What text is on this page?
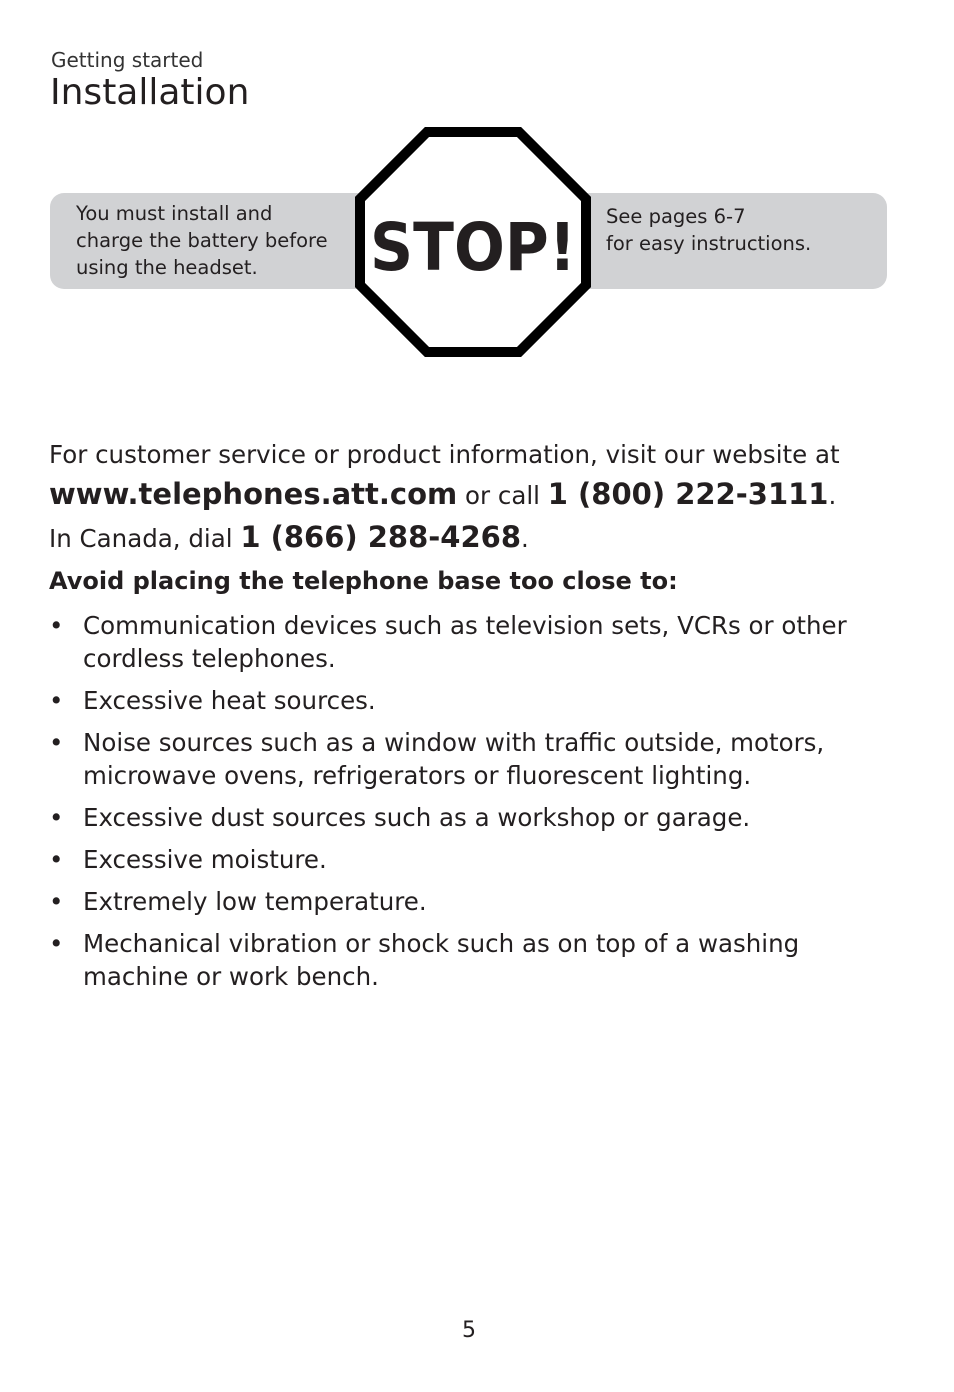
Getting started
Installation
You must install and
charge the battery before
using the headset.	STOP! See pages 6-7
for easy instructions.

For customer service or product information, visit our website at

www.telephones.att.com or call 1 (800) 222-3111.

In Canada, dial 1 (866) 288-4268.

Avoid placing the telephone base too close to:

• Communication devices such as television sets, VCRs or other
cordless telephones.
• Excessive heat sources.
• Noise sources such as a window with traffic outside, motors,
microwave ovens, refrigerators or fluorescent lighting.
• Excessive dust sources such as a workshop or garage.
• Excessive moisture.
• Extremely low temperature.
• Mechanical vibration or shock such as on top of a washing
machine or work bench.
5
